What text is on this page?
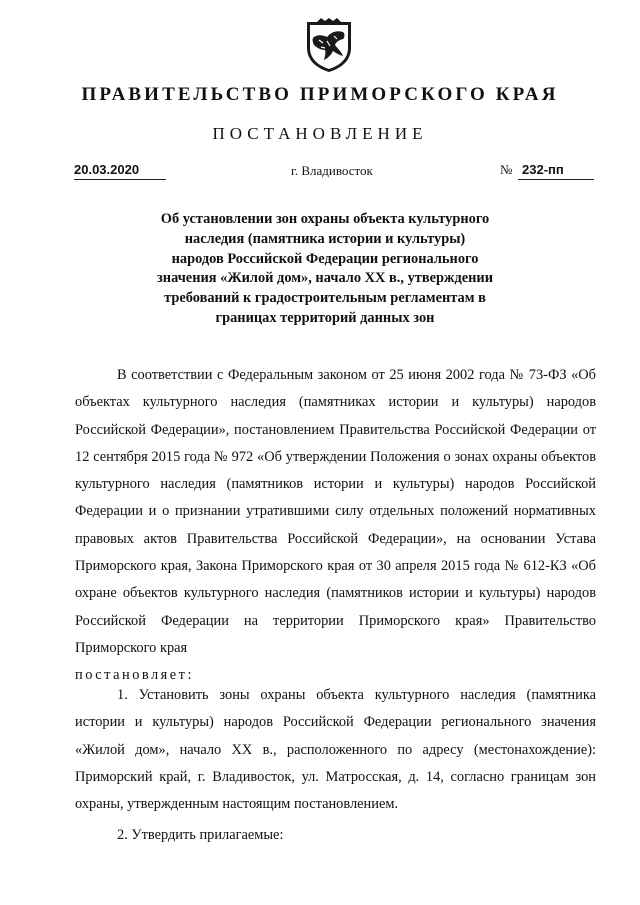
ПРАВИТЕЛЬСТВО ПРИМОРСКОГО КРАЯ
ПОСТАНОВЛЕНИЕ
20.03.2020	г. Владивосток	№ 232-пп
Об установлении зон охраны объекта культурного
наследия (памятника истории и культуры)
народов Российской Федерации регионального
значения «Жилой дом», начало XX в., утверждении
требований к градостроительным регламентам в
границах территорий данных зон

В соответствии с Федеральным законом от 25 июня 2002 года № 73-ФЗ «Об объектах культурного наследия (памятниках истории и культуры) народов Российской Федерации», постановлением Правительства Российской Федерации от 12 сентября 2015 года № 972 «Об утверждении Положения о зонах охраны объектов культурного наследия (памятников истории и культуры) народов Российской Федерации и о признании утратившими силу отдельных положений нормативных правовых актов Правительства Российской Федерации», на основании Устава Приморского края, Закона Приморского края от 30 апреля 2015 года № 612-КЗ «Об охране объектов культурного наследия (памятников истории и культуры) народов Российской Федерации на территории Приморского края» Правительство Приморского края

постановляет:

1. Установить зоны охраны объекта культурного наследия (памятника истории и культуры) народов Российской Федерации регионального значения «Жилой дом», начало XX в., расположенного по адресу (местонахождение): Приморский край, г. Владивосток, ул. Матросская, д. 14, согласно границам зон охраны, утвержденным настоящим постановлением.

2. Утвердить прилагаемые:
